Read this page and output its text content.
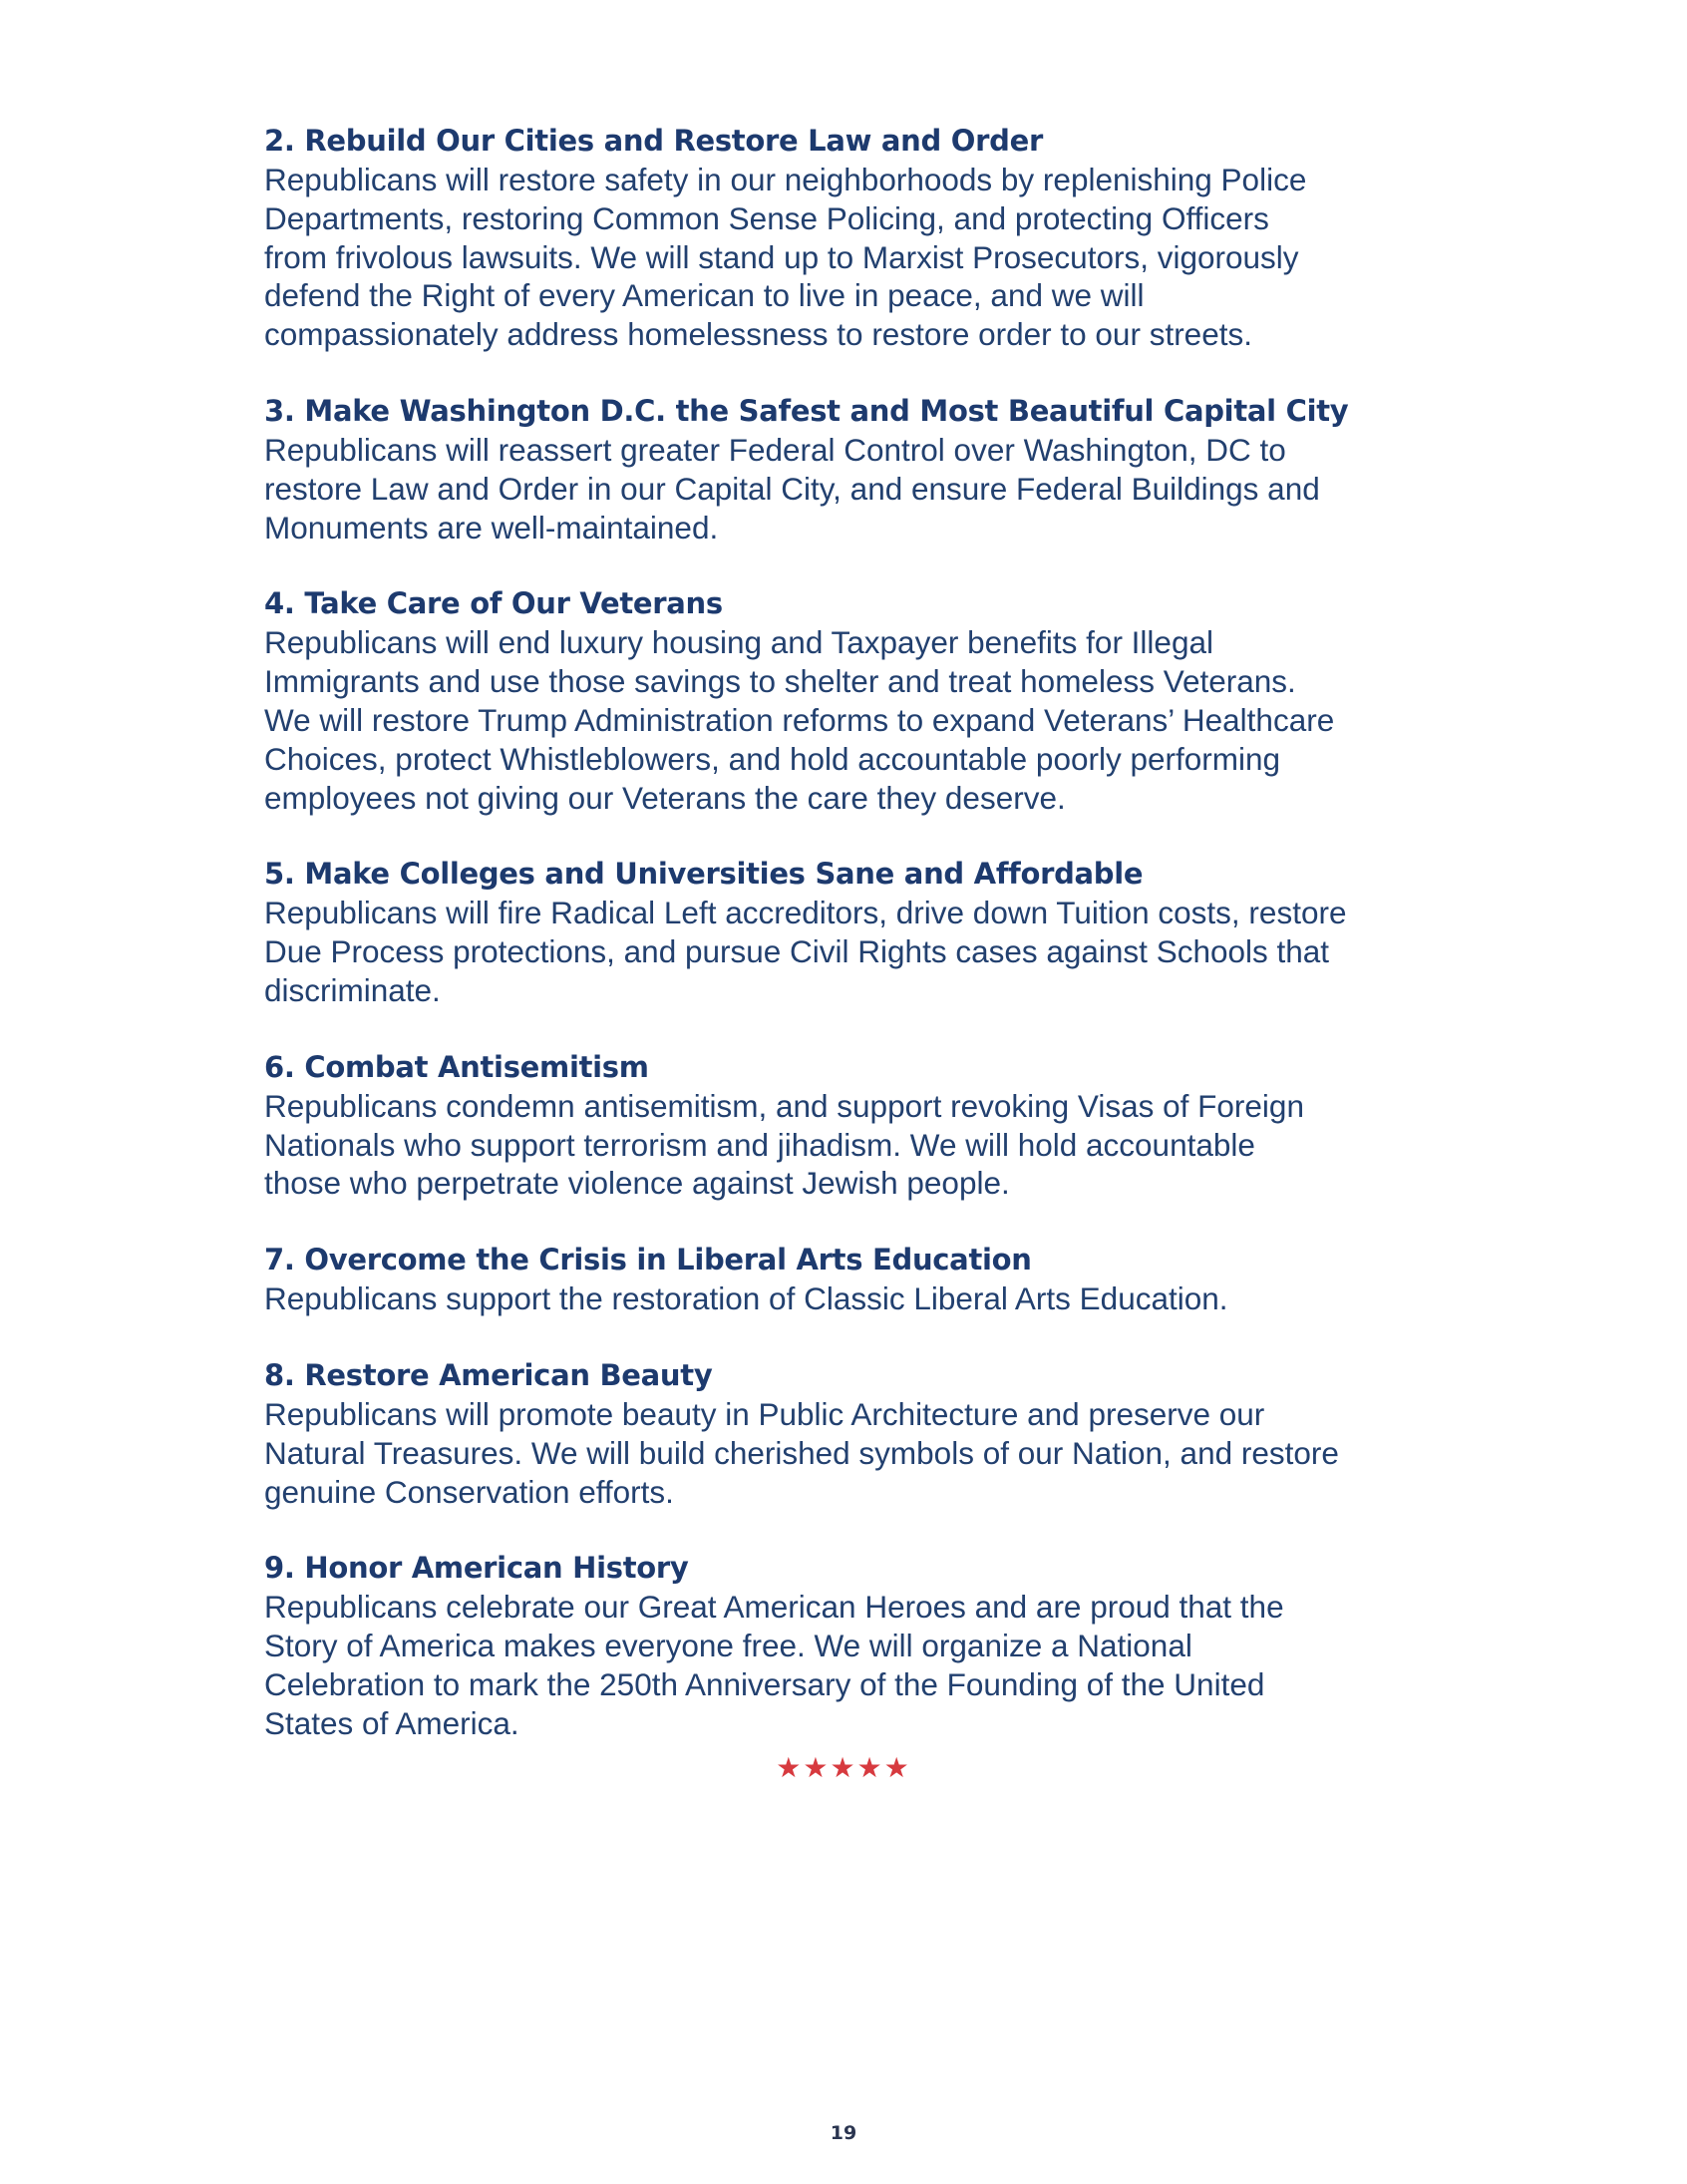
2. Rebuild Our Cities and Restore Law and Order
Republicans will restore safety in our neighborhoods by replenishing Police
Departments, restoring Common Sense Policing, and protecting Officers
from frivolous lawsuits. We will stand up to Marxist Prosecutors, vigorously
defend the Right of every American to live in peace, and we will
compassionately address homelessness to restore order to our streets.
3. Make Washington D.C. the Safest and Most Beautiful Capital City
Republicans will reassert greater Federal Control over Washington, DC to
restore Law and Order in our Capital City, and ensure Federal Buildings and
Monuments are well-maintained.
4. Take Care of Our Veterans
Republicans will end luxury housing and Taxpayer benefits for Illegal
Immigrants and use those savings to shelter and treat homeless Veterans.
We will restore Trump Administration reforms to expand Veterans’ Healthcare
Choices, protect Whistleblowers, and hold accountable poorly performing
employees not giving our Veterans the care they deserve.
5. Make Colleges and Universities Sane and Affordable
Republicans will fire Radical Left accreditors, drive down Tuition costs, restore
Due Process protections, and pursue Civil Rights cases against Schools that
discriminate.
6. Combat Antisemitism
Republicans condemn antisemitism, and support revoking Visas of Foreign
Nationals who support terrorism and jihadism. We will hold accountable
those who perpetrate violence against Jewish people.
7. Overcome the Crisis in Liberal Arts Education
Republicans support the restoration of Classic Liberal Arts Education.
8. Restore American Beauty
Republicans will promote beauty in Public Architecture and preserve our
Natural Treasures. We will build cherished symbols of our Nation, and restore
genuine Conservation efforts.
9. Honor American History
Republicans celebrate our Great American Heroes and are proud that the
Story of America makes everyone free. We will organize a National
Celebration to mark the 250th Anniversary of the Founding of the United
States of America.
★★★★★
19
